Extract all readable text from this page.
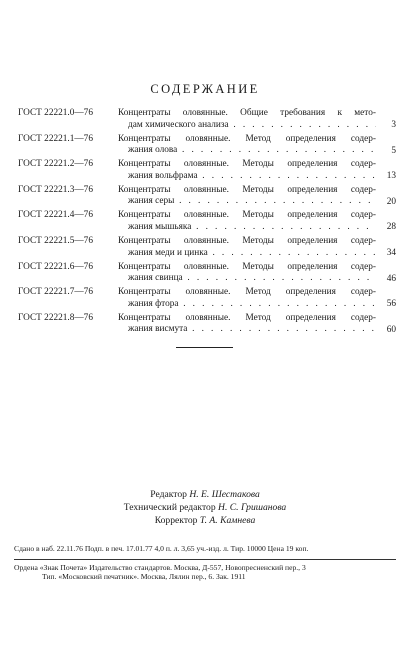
СОДЕРЖАНИЕ
ГОСТ 22221.0—76	Концентраты оловянные. Общие требования к мето-
дам химического анализа . . .	3
ГОСТ 22221.1—76	Концентраты оловянные. Метод определения содер-
жания олова . . .	5
ГОСТ 22221.2—76	Концентраты оловянные. Методы определения содер-
жания вольфрама . . .	13
ГОСТ 22221.3—76	Концентраты оловянные. Методы определения содер-
жания серы . . .	20
ГОСТ 22221.4—76	Концентраты оловянные. Методы определения содер-
жания мышьяка . . .	28
ГОСТ 22221.5—76	Концентраты оловянные. Методы определения содер-
жания меди и цинка . . .	34
ГОСТ 22221.6—76	Концентраты оловянные. Методы определения содер-
жания свинца . . .	46
ГОСТ 22221.7—76	Концентраты оловянные. Метод определения содер-
жания фтора . . .	56
ГОСТ 22221.8—76	Концентраты оловянные. Метод определения содер-
жания висмута . . .	60
Редактор Н. Е. Шестакова
Технический редактор Н. С. Гришанова
Корректор Т. А. Камнева
Сдано в наб. 22.11.76 Подп. в печ. 17.01.77 4,0 п. л. 3,65 уч.-изд. л. Тир. 10000 Цена 19 коп.
Ордена «Знак Почета» Издательство стандартов. Москва, Д-557, Новопресненский пер., 3
Тип. «Московский печатник». Москва, Лялин пер., 6. Зак. 1911
